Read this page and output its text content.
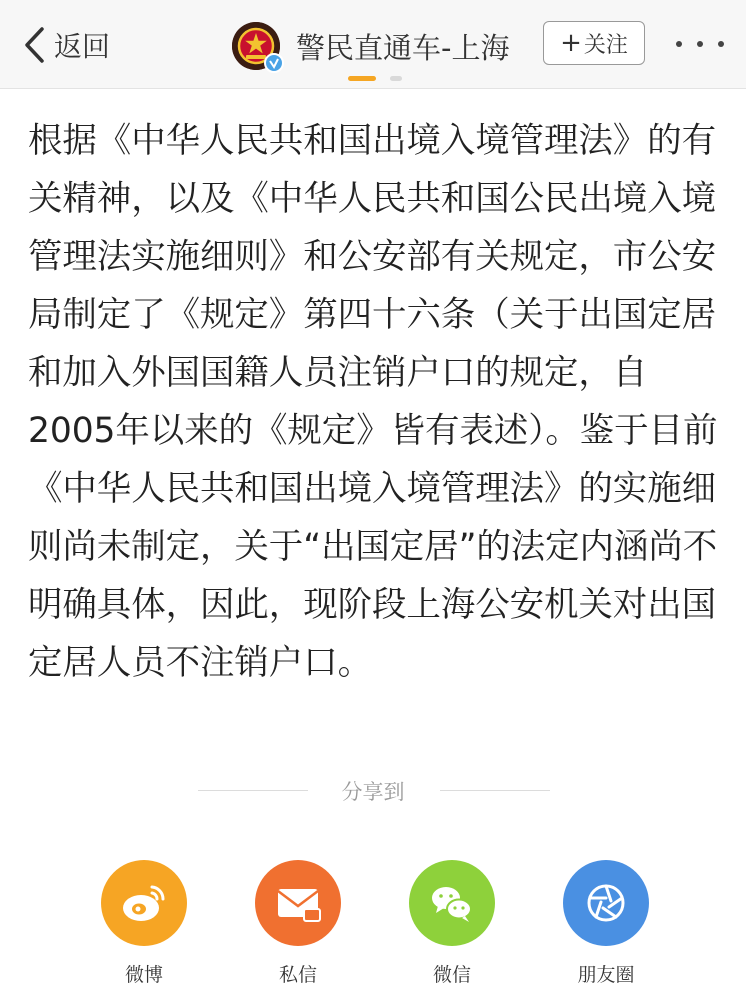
返回	警民直通车-上海 + 关注

根据《中华人民共和国出境入境管理法》的有关精神，以及《中华人民共和国公民出境入境管理法实施细则》和公安部有关规定，市公安局制定了《规定》第四十六条（关于出国定居和加入外国国籍人员注销户口的规定，自2005年以来的《规定》皆有表述）。鉴于目前《中华人民共和国出境入境管理法》的实施细则尚未制定，关于“出国定居”的法定内涵尚不明确具体，因此，现阶段上海公安机关对出国定居人员不注销户口。

分享到
微博	私信	微信	朋友圈
